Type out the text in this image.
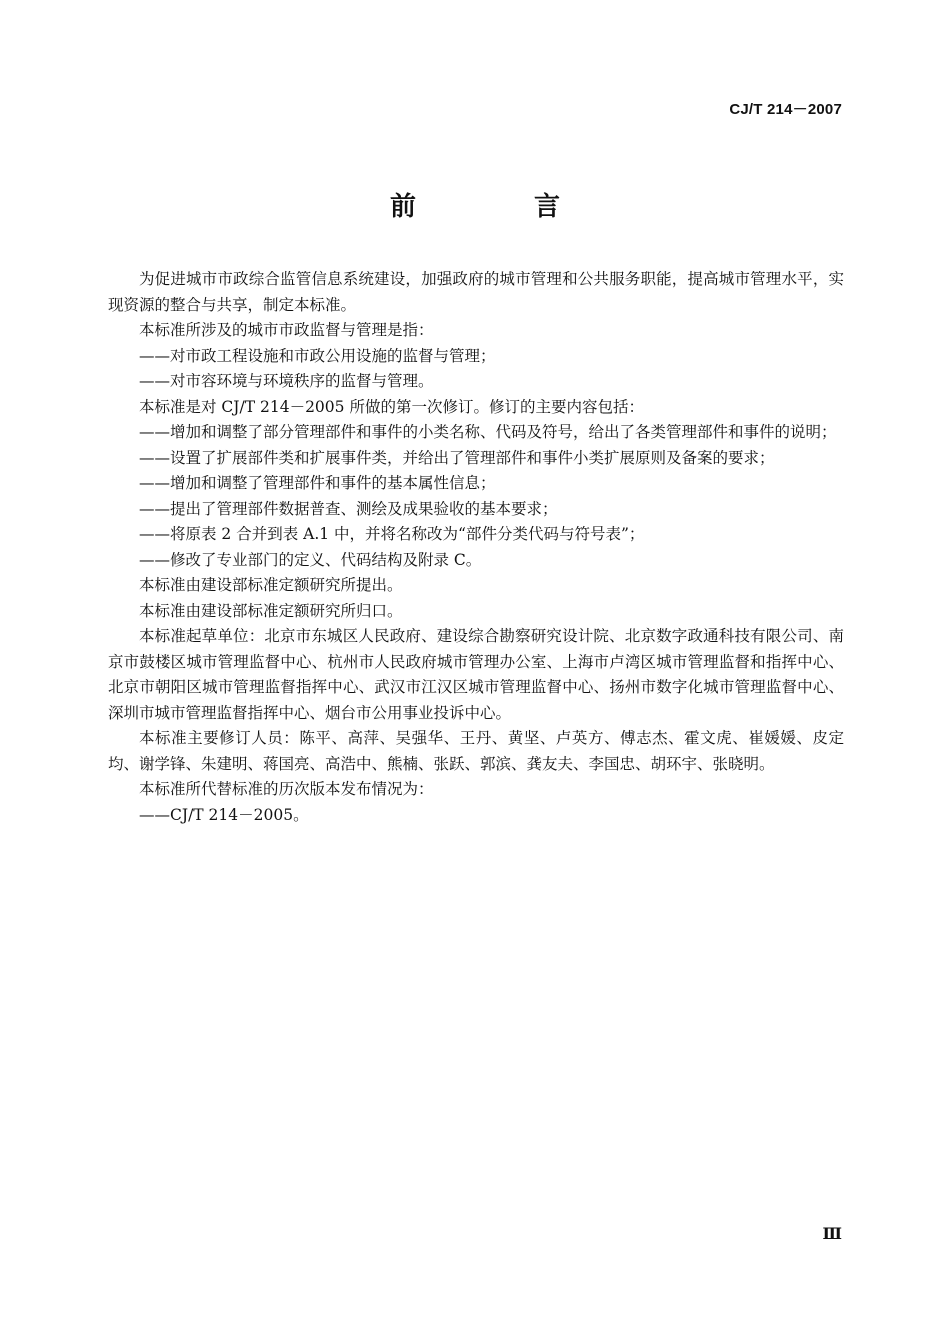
CJ/T 214－2007
前　言

为促进城市市政综合监管信息系统建设，加强政府的城市管理和公共服务职能，提高城市管理水平，实现资源的整合与共享，制定本标准。

本标准所涉及的城市市政监督与管理是指：

——对市政工程设施和市政公用设施的监督与管理；

——对市容环境与环境秩序的监督与管理。

本标准是对 CJ/T 214－2005 所做的第一次修订。修订的主要内容包括：

——增加和调整了部分管理部件和事件的小类名称、代码及符号，给出了各类管理部件和事件的说明；

——设置了扩展部件类和扩展事件类，并给出了管理部件和事件小类扩展原则及备案的要求；

——增加和调整了管理部件和事件的基本属性信息；

——提出了管理部件数据普查、测绘及成果验收的基本要求；

——将原表 2 合并到表 A.1 中，并将名称改为“部件分类代码与符号表”；

——修改了专业部门的定义、代码结构及附录 C。

本标准由建设部标准定额研究所提出。

本标准由建设部标准定额研究所归口。

本标准起草单位：北京市东城区人民政府、建设综合勘察研究设计院、北京数字政通科技有限公司、南京市鼓楼区城市管理监督中心、杭州市人民政府城市管理办公室、上海市卢湾区城市管理监督和指挥中心、北京市朝阳区城市管理监督指挥中心、武汉市江汉区城市管理监督中心、扬州市数字化城市管理监督中心、深圳市城市管理监督指挥中心、烟台市公用事业投诉中心。

本标准主要修订人员：陈平、高萍、吴强华、王丹、黄坚、卢英方、傅志杰、霍文虎、崔媛媛、皮定均、谢学锋、朱建明、蒋国亮、高浩中、熊楠、张跃、郭滨、龚友夫、李国忠、胡环宇、张晓明。

本标准所代替标准的历次版本发布情况为：

——CJ/T 214－2005。

Ⅲ
